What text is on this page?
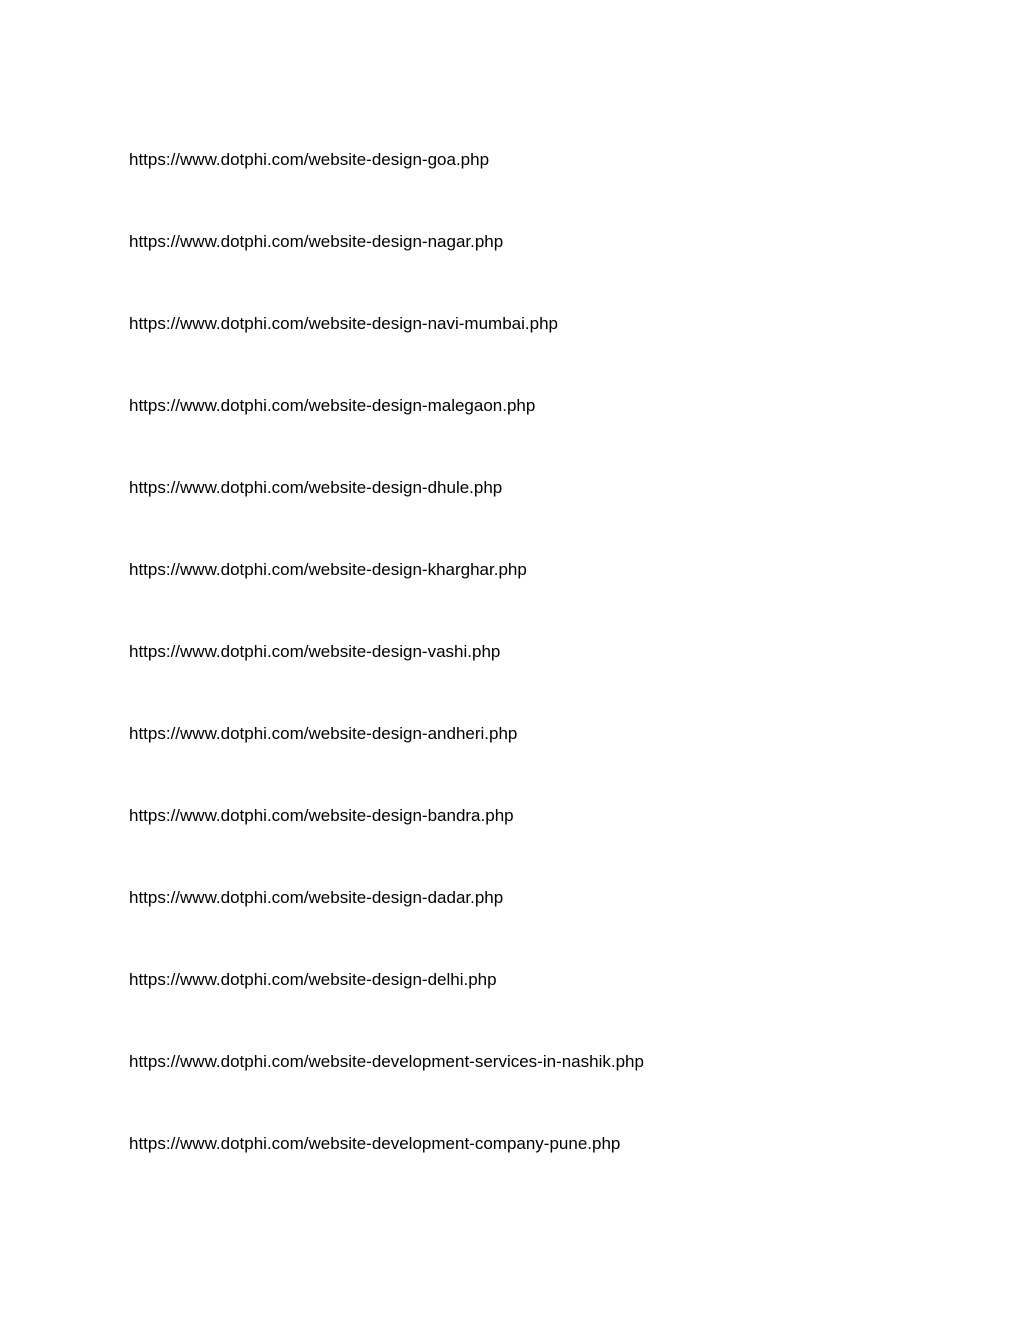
https://www.dotphi.com/website-design-goa.php
https://www.dotphi.com/website-design-nagar.php
https://www.dotphi.com/website-design-navi-mumbai.php
https://www.dotphi.com/website-design-malegaon.php
https://www.dotphi.com/website-design-dhule.php
https://www.dotphi.com/website-design-kharghar.php
https://www.dotphi.com/website-design-vashi.php
https://www.dotphi.com/website-design-andheri.php
https://www.dotphi.com/website-design-bandra.php
https://www.dotphi.com/website-design-dadar.php
https://www.dotphi.com/website-design-delhi.php
https://www.dotphi.com/website-development-services-in-nashik.php
https://www.dotphi.com/website-development-company-pune.php
